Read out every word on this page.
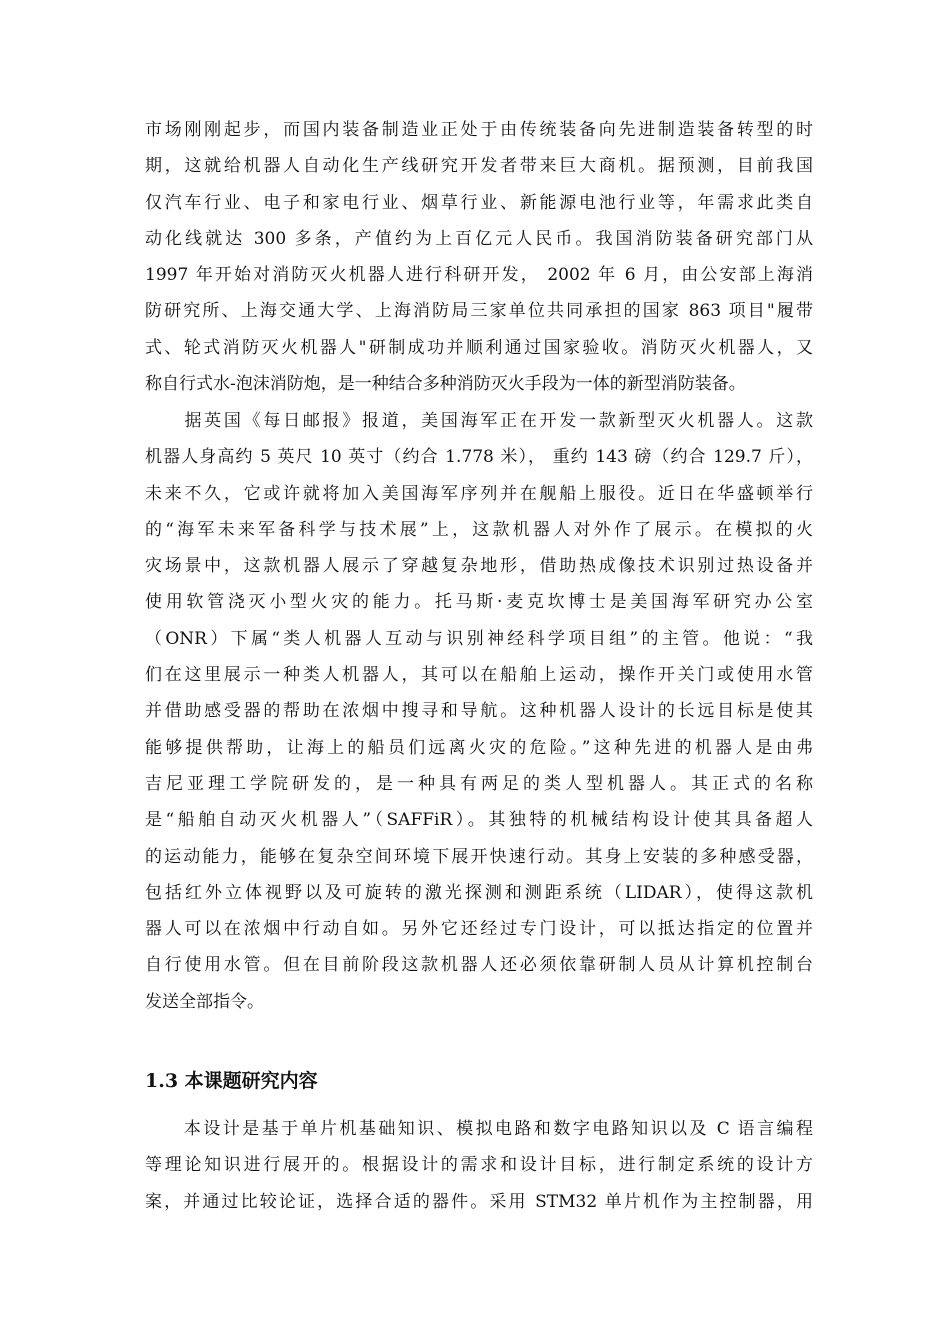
市场刚刚起步，而国内装备制造业正处于由传统装备向先进制造装备转型的时
期，这就给机器人自动化生产线研究开发者带来巨大商机。据预测，目前我国
仅汽车行业、电子和家电行业、烟草行业、新能源电池行业等，年需求此类自
动化线就达 300 多条，产值约为上百亿元人民币。我国消防装备研究部门从
1997 年开始对消防灭火机器人进行科研开发， 2002 年 6 月，由公安部上海消
防研究所、上海交通大学、上海消防局三家单位共同承担的国家 863 项目"履带
式、轮式消防灭火机器人"研制成功并顺利通过国家验收。消防灭火机器人，又
称自行式水-泡沫消防炮，是一种结合多种消防灭火手段为一体的新型消防装备。
　　据英国《每日邮报》报道，美国海军正在开发一款新型灭火机器人。这款
机器人身高约 5 英尺 10 英寸（约合 1.778 米）， 重约 143 磅（约合 129.7 斤），
未来不久，它或许就将加入美国海军序列并在舰船上服役。近日在华盛顿举行
的“海军未来军备科学与技术展”上，这款机器人对外作了展示。在模拟的火
灾场景中，这款机器人展示了穿越复杂地形，借助热成像技术识别过热设备并
使用软管浇灭小型火灾的能力。托马斯·麦克坎博士是美国海军研究办公室
（ONR）下属“类人机器人互动与识别神经科学项目组”的主管。他说：“我
们在这里展示一种类人机器人，其可以在船舶上运动，操作开关门或使用水管
并借助感受器的帮助在浓烟中搜寻和导航。这种机器人设计的长远目标是使其
能够提供帮助，让海上的船员们远离火灾的危险。”这种先进的机器人是由弗
吉尼亚理工学院研发的，是一种具有两足的类人型机器人。其正式的名称
是“船舶自动灭火机器人”（SAFFiR）。其独特的机械结构设计使其具备超人
的运动能力，能够在复杂空间环境下展开快速行动。其身上安装的多种感受器，
包括红外立体视野以及可旋转的激光探测和测距系统（LIDAR），使得这款机
器人可以在浓烟中行动自如。另外它还经过专门设计，可以抵达指定的位置并
自行使用水管。但在目前阶段这款机器人还必须依靠研制人员从计算机控制台
发送全部指令。
1.3 本课题研究内容
　　本设计是基于单片机基础知识、模拟电路和数字电路知识以及 C 语言编程
等理论知识进行展开的。根据设计的需求和设计目标，进行制定系统的设计方
案，并通过比较论证，选择合适的器件。采用 STM32 单片机作为主控制器，用
